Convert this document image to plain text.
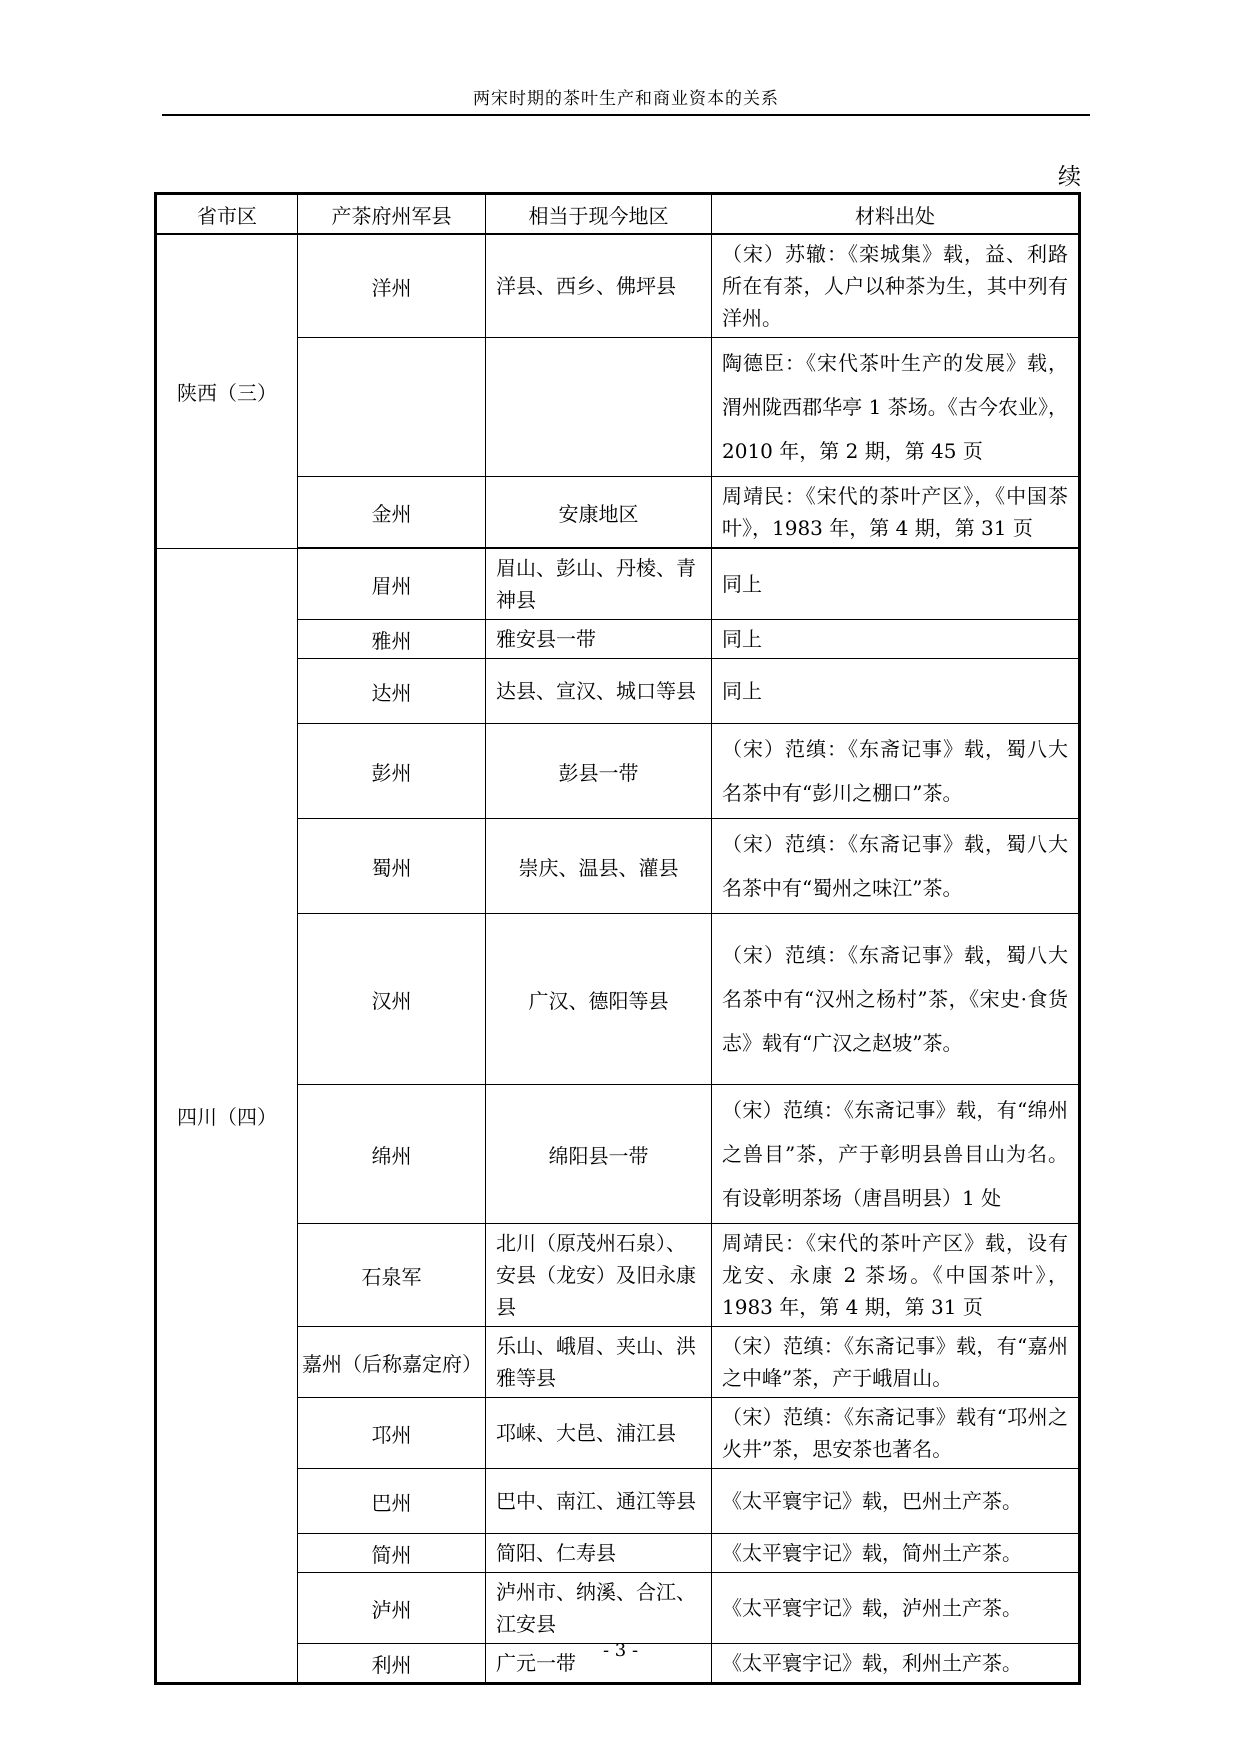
两宋时期的茶叶生产和商业资本的关系
续
省市区	产茶府州军县	相当于现今地区	材料出处
陕西（三）	洋州	洋县、西乡、佛坪县	（宋）苏辙：《栾城集》载，益、利路所在有茶，人户以种茶为生，其中列有洋州。
			陶德臣：《宋代茶叶生产的发展》载，渭州陇西郡华亭 1 茶场。《古今农业》，2010 年，第 2 期，第 45 页
	金州	安康地区	周靖民：《宋代的茶叶产区》，《中国茶叶》，1983 年，第 4 期，第 31 页
四川（四）	眉州	眉山、彭山、丹棱、青神县	同上
	雅州	雅安县一带	同上
	达州	达县、宣汉、城口等县	同上
	彭州	彭县一带	（宋）范缜：《东斋记事》载，蜀八大名茶中有“彭川之棚口”茶。
	蜀州	崇庆、温县、灌县	（宋）范缜：《东斋记事》载，蜀八大名茶中有“蜀州之味江”茶。
	汉州	广汉、德阳等县	（宋）范缜：《东斋记事》载，蜀八大名茶中有“汉州之杨村”茶，《宋史·食货志》载有“广汉之赵坡”茶。
	绵州	绵阳县一带	（宋）范缜：《东斋记事》载，有“绵州之兽目”茶，产于彰明县兽目山为名。有设彰明茶场（唐昌明县）1 处
	石泉军	北川（原茂州石泉）、安县（龙安）及旧永康县	周靖民：《宋代的茶叶产区》载，设有龙安、永康 2 茶场。《中国茶叶》，1983 年，第 4 期，第 31 页
	嘉州（后称嘉定府）	乐山、峨眉、夹山、洪雅等县	（宋）范缜：《东斋记事》载，有“嘉州之中峰”茶，产于峨眉山。
	邛州	邛崃、大邑、浦江县	（宋）范缜：《东斋记事》载有“邛州之火井”茶，思安茶也著名。
	巴州	巴中、南江、通江等县	《太平寰宇记》载，巴州土产茶。
	简州	简阳、仁寿县	《太平寰宇记》载，简州土产茶。
	泸州	泸州市、纳溪、合江、江安县	《太平寰宇记》载，泸州土产茶。
	利州	广元一带	《太平寰宇记》载，利州土产茶。
- 3 -
